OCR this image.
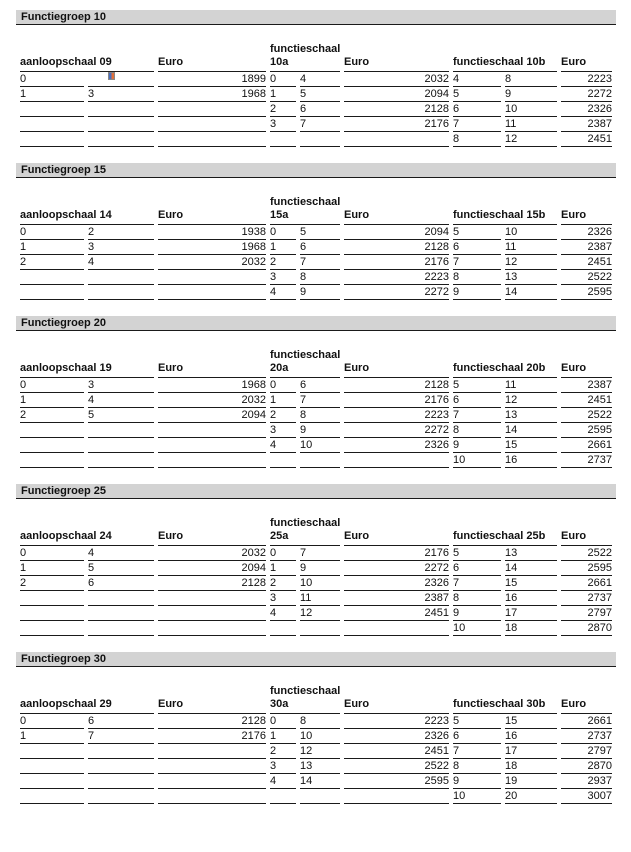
Functiegroep 10
aanloopschaal 09		Euro	functieschaal
10a		Euro	functieschaal 10b		Euro
0		1899	0	4	2032	4	8	2223
1	3	1968	1	5	2094	5	9	2272
			2	6	2128	6	10	2326
			3	7	2176	7	11	2387
						8	12	2451
Functiegroep 15
aanloopschaal 14		Euro	functieschaal
15a		Euro	functieschaal 15b		Euro
0	2	1938	0	5	2094	5	10	2326
1	3	1968	1	6	2128	6	11	2387
2	4	2032	2	7	2176	7	12	2451
			3	8	2223	8	13	2522
			4	9	2272	9	14	2595
Functiegroep 20
aanloopschaal 19		Euro	functieschaal
20a		Euro	functieschaal 20b		Euro
0	3	1968	0	6	2128	5	11	2387
1	4	2032	1	7	2176	6	12	2451
2	5	2094	2	8	2223	7	13	2522
			3	9	2272	8	14	2595
			4	10	2326	9	15	2661
						10	16	2737
Functiegroep 25
aanloopschaal 24		Euro	functieschaal
25a		Euro	functieschaal 25b		Euro
0	4	2032	0	7	2176	5	13	2522
1	5	2094	1	9	2272	6	14	2595
2	6	2128	2	10	2326	7	15	2661
			3	11	2387	8	16	2737
			4	12	2451	9	17	2797
						10	18	2870
Functiegroep 30
aanloopschaal 29		Euro	functieschaal
30a		Euro	functieschaal 30b		Euro
0	6	2128	0	8	2223	5	15	2661
1	7	2176	1	10	2326	6	16	2737
			2	12	2451	7	17	2797
			3	13	2522	8	18	2870
			4	14	2595	9	19	2937
						10	20	3007
